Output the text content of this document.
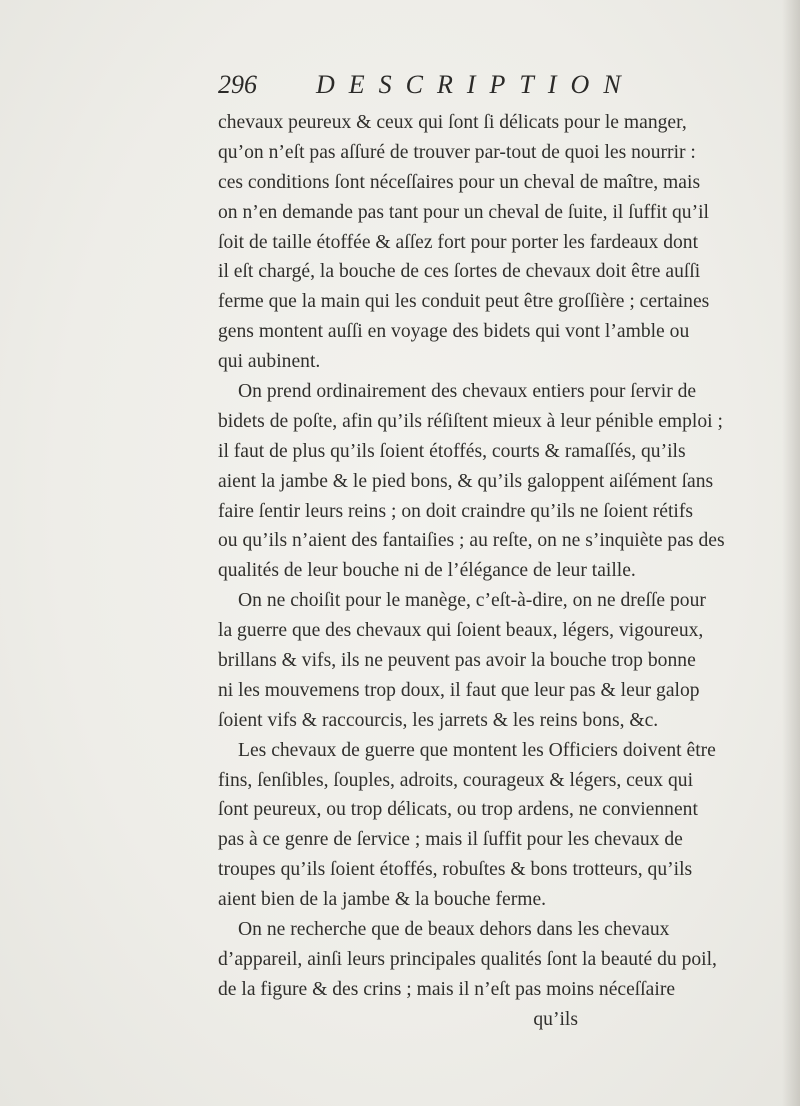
296 DESCRIPTION
chevaux peureux & ceux qui ſont ſi délicats pour le manger,
qu’on n’eſt pas aſſuré de trouver par-tout de quoi les nourrir :
ces conditions ſont néceſſaires pour un cheval de maître, mais
on n’en demande pas tant pour un cheval de ſuite, il ſuffit qu’il
ſoit de taille étoffée & aſſez fort pour porter les fardeaux dont
il eſt chargé, la bouche de ces ſortes de chevaux doit être auſſi
ferme que la main qui les conduit peut être groſſière ; certaines
gens montent auſſi en voyage des bidets qui vont l’amble ou
qui aubinent.
On prend ordinairement des chevaux entiers pour ſervir de
bidets de poſte, afin qu’ils réſiſtent mieux à leur pénible emploi ;
il faut de plus qu’ils ſoient étoffés, courts & ramaſſés, qu’ils
aient la jambe & le pied bons, & qu’ils galoppent aiſément ſans
faire ſentir leurs reins ; on doit craindre qu’ils ne ſoient rétifs
ou qu’ils n’aient des fantaiſies ; au reſte, on ne s’inquiète pas des
qualités de leur bouche ni de l’élégance de leur taille.
On ne choiſit pour le manège, c’eſt-à-dire, on ne dreſſe pour
la guerre que des chevaux qui ſoient beaux, légers, vigoureux,
brillans & vifs, ils ne peuvent pas avoir la bouche trop bonne
ni les mouvemens trop doux, il faut que leur pas & leur galop
ſoient vifs & raccourcis, les jarrets & les reins bons, &c.
Les chevaux de guerre que montent les Officiers doivent être
fins, ſenſibles, ſouples, adroits, courageux & légers, ceux qui
ſont peureux, ou trop délicats, ou trop ardens, ne conviennent
pas à ce genre de ſervice ; mais il ſuffit pour les chevaux de
troupes qu’ils ſoient étoffés, robuſtes & bons trotteurs, qu’ils
aient bien de la jambe & la bouche ferme.
On ne recherche que de beaux dehors dans les chevaux
d’appareil, ainſi leurs principales qualités ſont la beauté du poil,
de la figure & des crins ; mais il n’eſt pas moins néceſſaire
qu’ils
